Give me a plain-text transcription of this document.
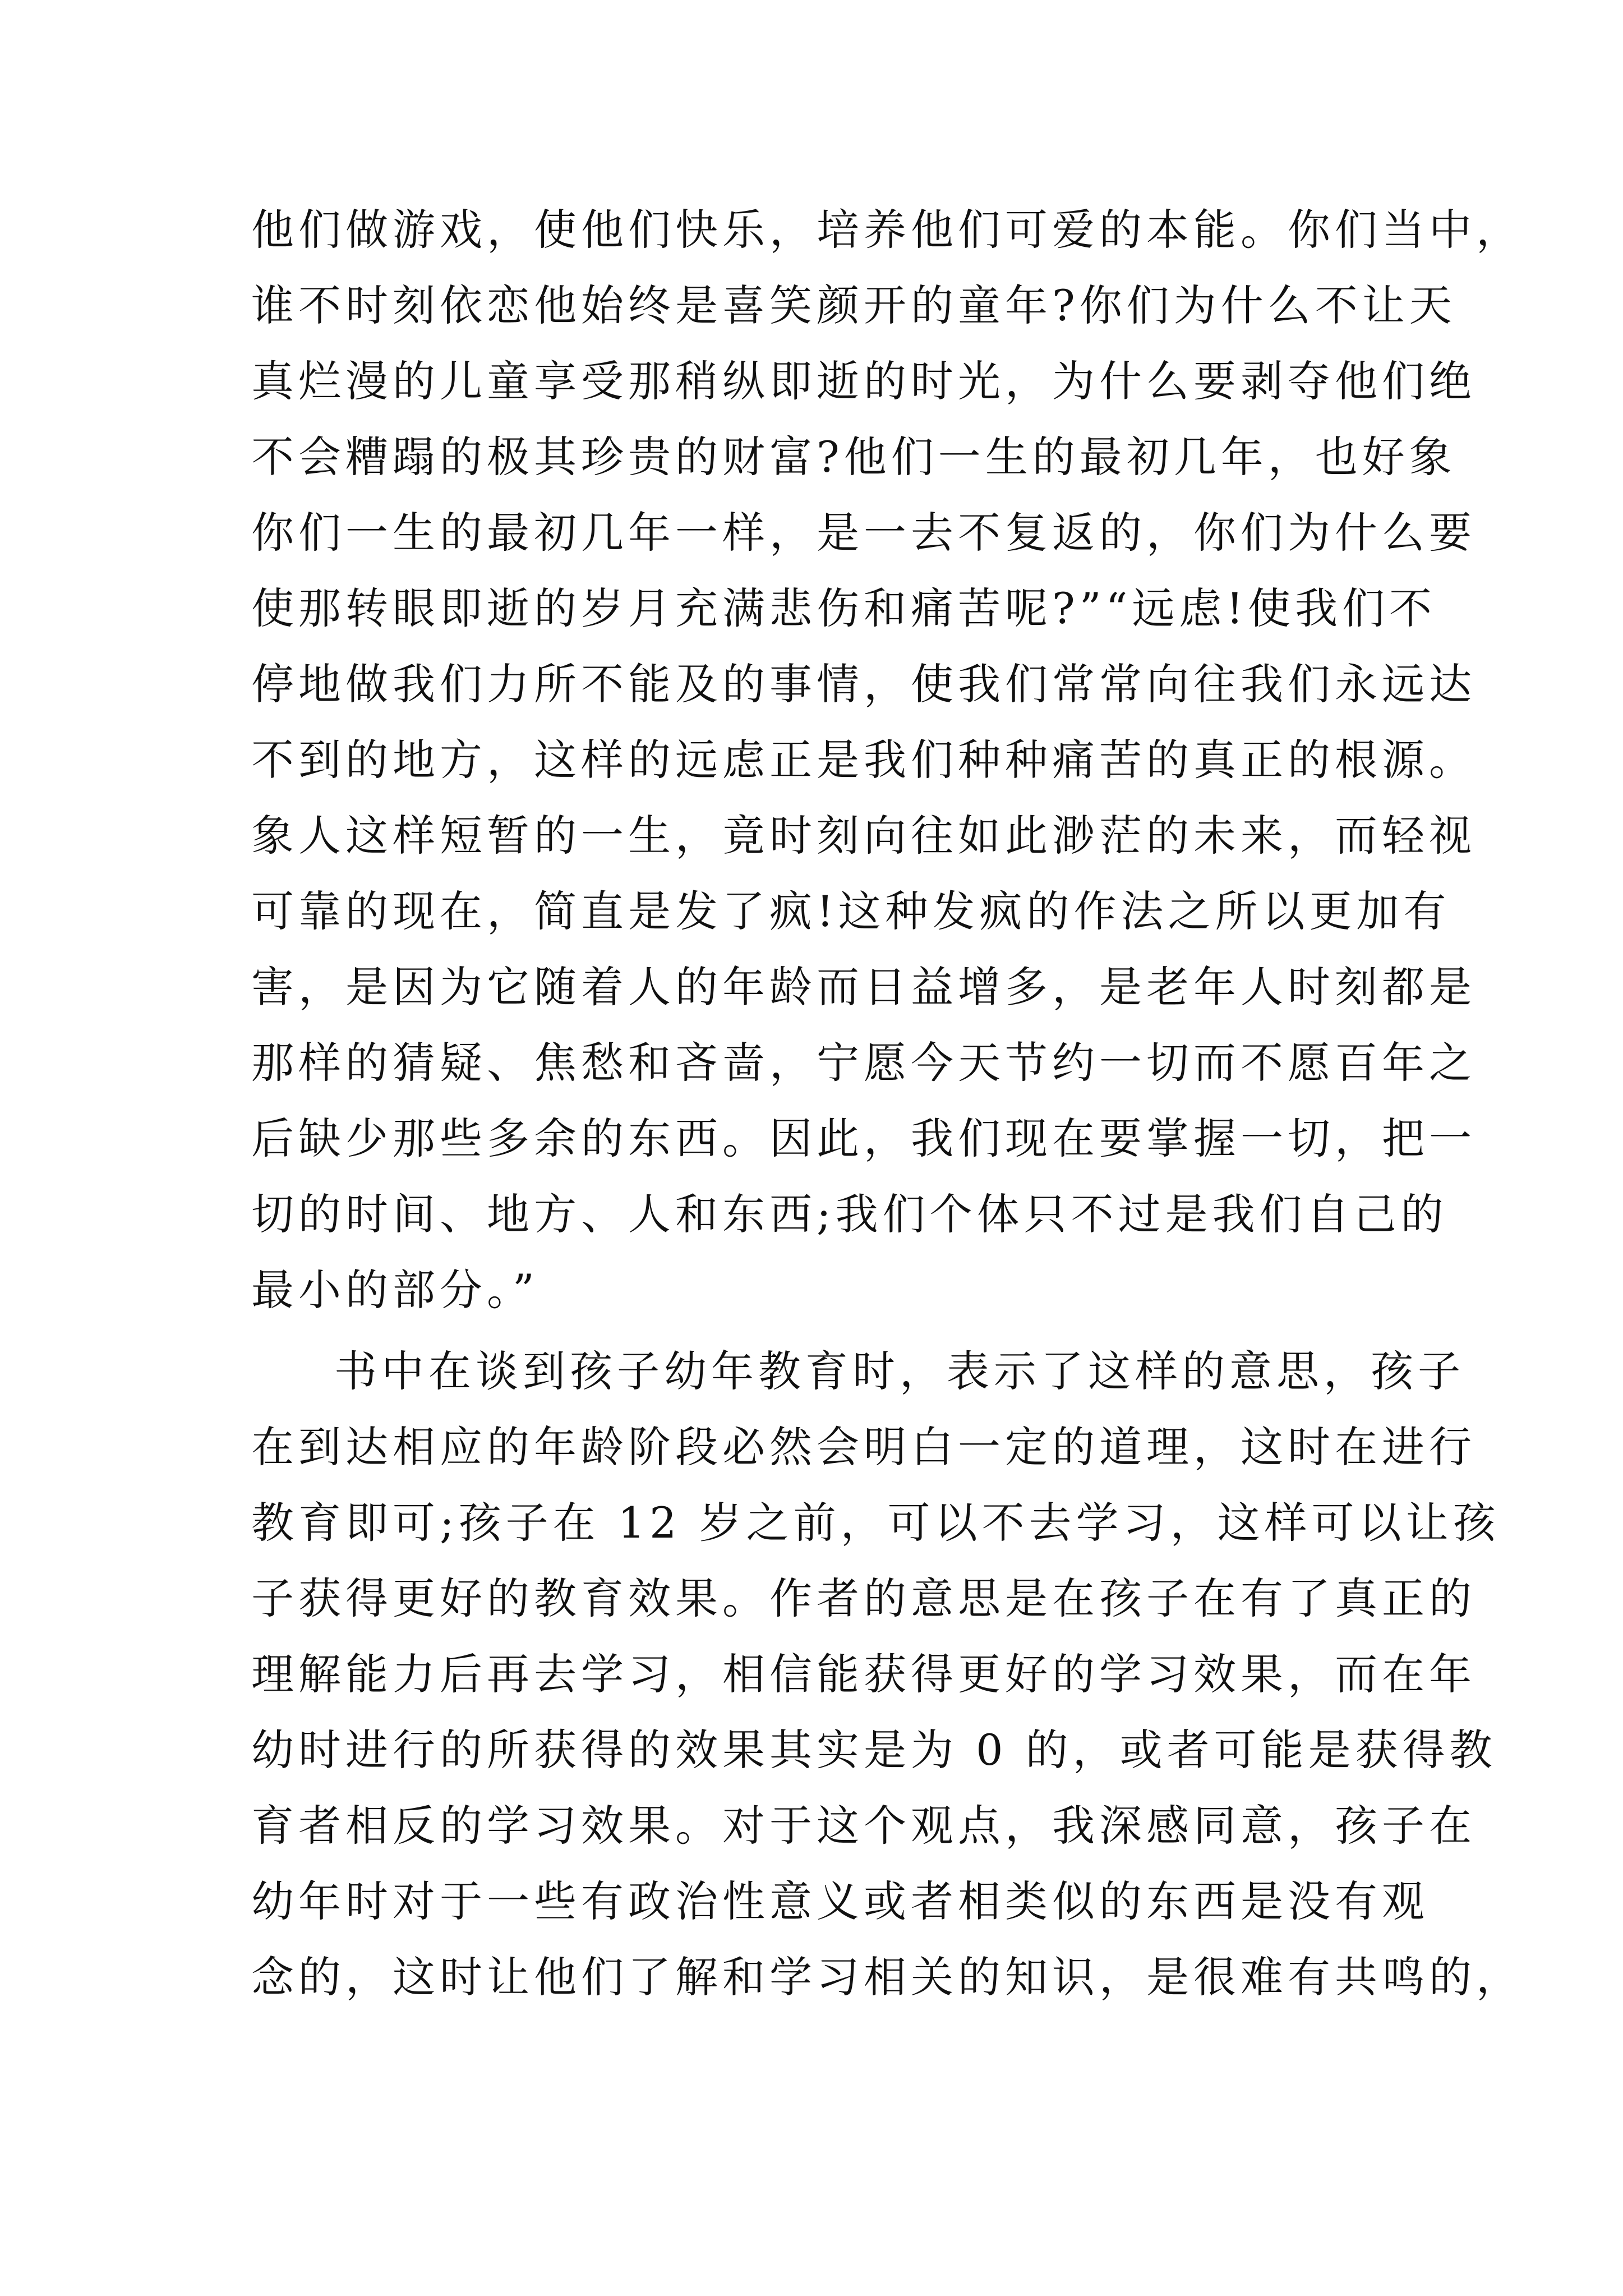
他们做游戏，使他们快乐，培养他们可爱的本能。你们当中，
谁不时刻依恋他始终是喜笑颜开的童年?你们为什么不让天
真烂漫的儿童享受那稍纵即逝的时光，为什么要剥夺他们绝
不会糟蹋的极其珍贵的财富?他们一生的最初几年，也好象
你们一生的最初几年一样，是一去不复返的，你们为什么要
使那转眼即逝的岁月充满悲伤和痛苦呢?”“远虑!使我们不
停地做我们力所不能及的事情，使我们常常向往我们永远达
不到的地方，这样的远虑正是我们种种痛苦的真正的根源。
象人这样短暂的一生，竟时刻向往如此渺茫的未来，而轻视
可靠的现在，简直是发了疯!这种发疯的作法之所以更加有
害，是因为它随着人的年龄而日益增多，是老年人时刻都是
那样的猜疑、焦愁和吝啬，宁愿今天节约一切而不愿百年之
后缺少那些多余的东西。因此，我们现在要掌握一切，把一
切的时间、地方、人和东西;我们个体只不过是我们自己的
最小的部分。”
书中在谈到孩子幼年教育时，表示了这样的意思，孩子
在到达相应的年龄阶段必然会明白一定的道理，这时在进行
教育即可;孩子在 12 岁之前，可以不去学习，这样可以让孩
子获得更好的教育效果。作者的意思是在孩子在有了真正的
理解能力后再去学习，相信能获得更好的学习效果，而在年
幼时进行的所获得的效果其实是为 0 的，或者可能是获得教
育者相反的学习效果。对于这个观点，我深感同意，孩子在
幼年时对于一些有政治性意义或者相类似的东西是没有观
念的，这时让他们了解和学习相关的知识，是很难有共鸣的，
